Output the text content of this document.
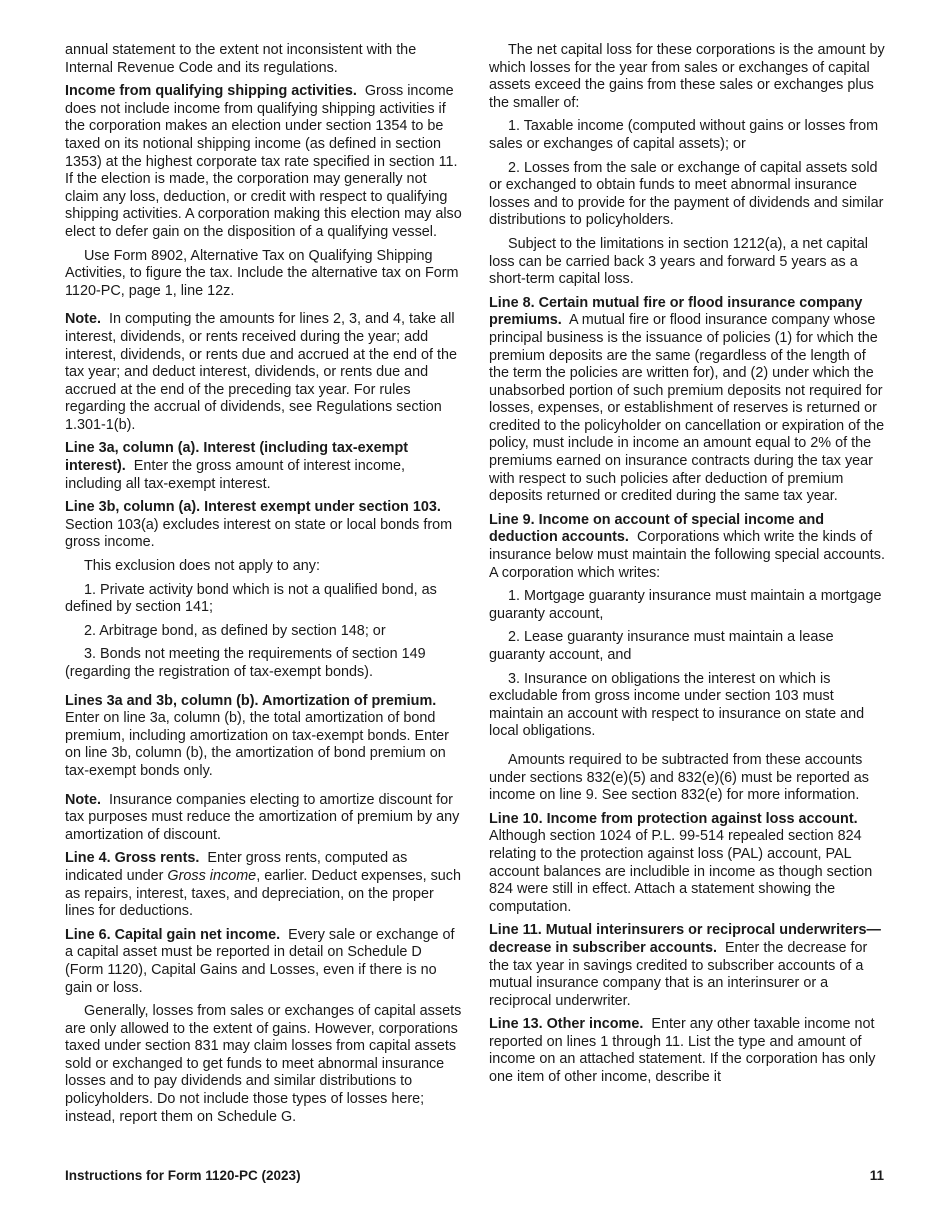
annual statement to the extent not inconsistent with the Internal Revenue Code and its regulations.

Income from qualifying shipping activities. Gross income does not include income from qualifying shipping activities if the corporation makes an election under section 1354 to be taxed on its notional shipping income (as defined in section 1353) at the highest corporate tax rate specified in section 11. If the election is made, the corporation may generally not claim any loss, deduction, or credit with respect to qualifying shipping activities. A corporation making this election may also elect to defer gain on the disposition of a qualifying vessel.

Use Form 8902, Alternative Tax on Qualifying Shipping Activities, to figure the tax. Include the alternative tax on Form 1120-PC, page 1, line 12z.

Note. In computing the amounts for lines 2, 3, and 4, take all interest, dividends, or rents received during the year; add interest, dividends, or rents due and accrued at the end of the tax year; and deduct interest, dividends, or rents due and accrued at the end of the preceding tax year. For rules regarding the accrual of dividends, see Regulations section 1.301-1(b).

Line 3a, column (a). Interest (including tax-exempt interest). Enter the gross amount of interest income, including all tax-exempt interest.

Line 3b, column (a). Interest exempt under section 103.  Section 103(a) excludes interest on state or local bonds from gross income.

This exclusion does not apply to any:

1. Private activity bond which is not a qualified bond, as defined by section 141;

2. Arbitrage bond, as defined by section 148; or

3. Bonds not meeting the requirements of section 149 (regarding the registration of tax-exempt bonds).

Lines 3a and 3b, column (b). Amortization of premium.  Enter on line 3a, column (b), the total amortization of bond premium, including amortization on tax-exempt bonds. Enter on line 3b, column (b), the amortization of bond premium on tax-exempt bonds only.

Note. Insurance companies electing to amortize discount for tax purposes must reduce the amortization of premium by any amortization of discount.

Line 4. Gross rents. Enter gross rents, computed as indicated under Gross income, earlier. Deduct expenses, such as repairs, interest, taxes, and depreciation, on the proper lines for deductions.

Line 6. Capital gain net income. Every sale or exchange of a capital asset must be reported in detail on Schedule D (Form 1120), Capital Gains and Losses, even if there is no gain or loss.

Generally, losses from sales or exchanges of capital assets are only allowed to the extent of gains. However, corporations taxed under section 831 may claim losses from capital assets sold or exchanged to get funds to meet abnormal insurance losses and to pay dividends and similar distributions to policyholders. Do not include those types of losses here; instead, report them on Schedule G.

The net capital loss for these corporations is the amount by which losses for the year from sales or exchanges of capital assets exceed the gains from these sales or exchanges plus the smaller of:

1. Taxable income (computed without gains or losses from sales or exchanges of capital assets); or

2. Losses from the sale or exchange of capital assets sold or exchanged to obtain funds to meet abnormal insurance losses and to provide for the payment of dividends and similar distributions to policyholders.

Subject to the limitations in section 1212(a), a net capital loss can be carried back 3 years and forward 5 years as a short-term capital loss.

Line 8. Certain mutual fire or flood insurance company premiums. A mutual fire or flood insurance company whose principal business is the issuance of policies (1) for which the premium deposits are the same (regardless of the length of the term the policies are written for), and (2) under which the unabsorbed portion of such premium deposits not required for losses, expenses, or establishment of reserves is returned or credited to the policyholder on cancellation or expiration of the policy, must include in income an amount equal to 2% of the premiums earned on insurance contracts during the tax year with respect to such policies after deduction of premium deposits returned or credited during the same tax year.

Line 9. Income on account of special income and deduction accounts. Corporations which write the kinds of insurance below must maintain the following special accounts. A corporation which writes:

1. Mortgage guaranty insurance must maintain a mortgage guaranty account,

2. Lease guaranty insurance must maintain a lease guaranty account, and

3. Insurance on obligations the interest on which is excludable from gross income under section 103 must maintain an account with respect to insurance on state and local obligations.

Amounts required to be subtracted from these accounts under sections 832(e)(5) and 832(e)(6) must be reported as income on line 9. See section 832(e) for more information.

Line 10. Income from protection against loss account.  Although section 1024 of P.L. 99-514 repealed section 824 relating to the protection against loss (PAL) account, PAL account balances are includible in income as though section 824 were still in effect. Attach a statement showing the computation.

Line 11. Mutual interinsurers or reciprocal underwriters—decrease in subscriber accounts. Enter the decrease for the tax year in savings credited to subscriber accounts of a mutual insurance company that is an interinsurer or a reciprocal underwriter.

Line 13. Other income. Enter any other taxable income not reported on lines 1 through 11. List the type and amount of income on an attached statement. If the corporation has only one item of other income, describe it

Instructions for Form 1120-PC (2023)	11
